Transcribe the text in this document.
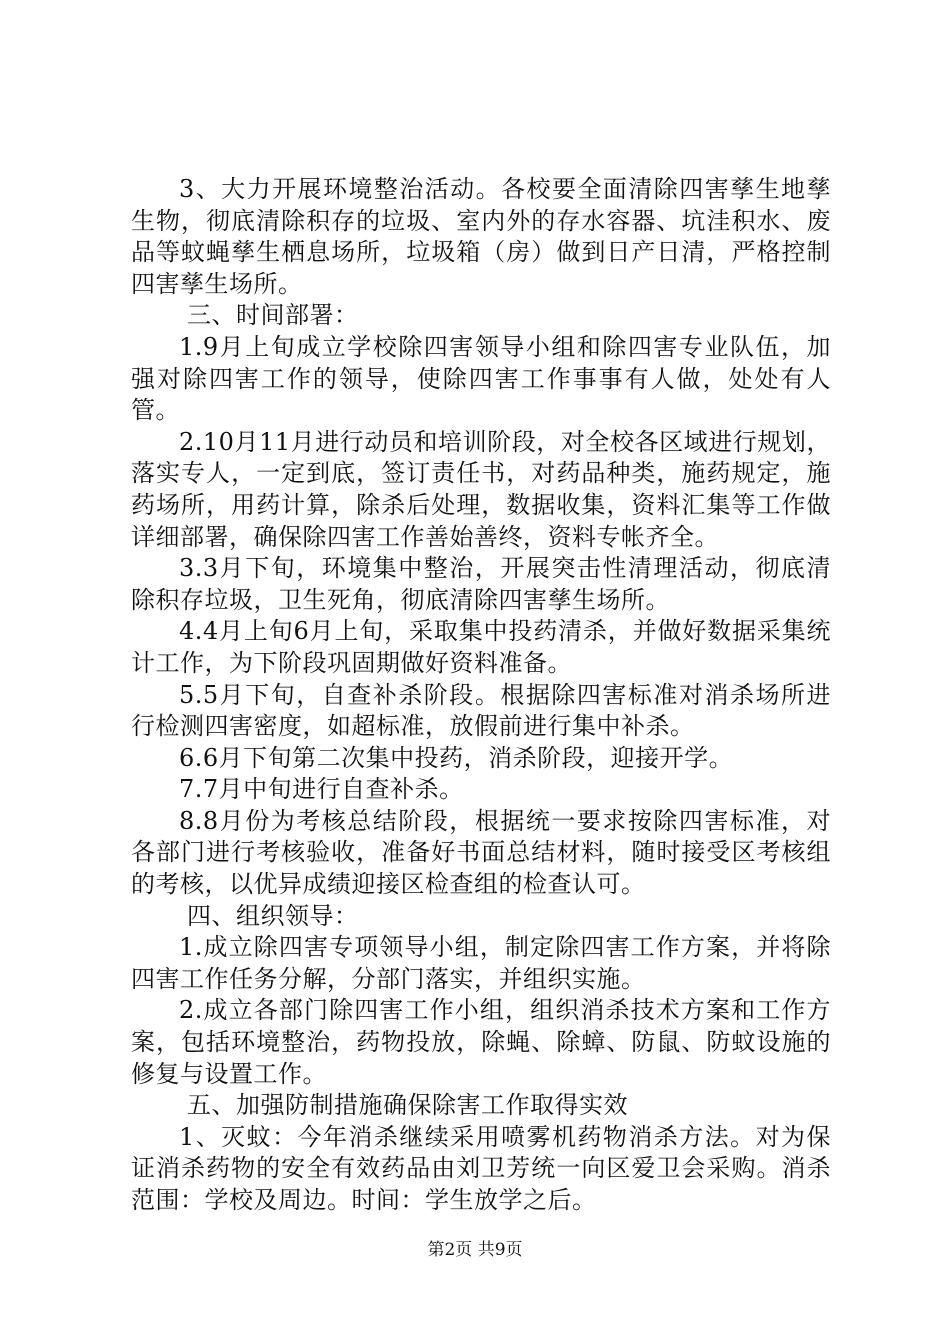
3、大力开展环境整治活动。各校要全面清除四害孳生地孳生物，彻底清除积存的垃圾、室内外的存水容器、坑洼积水、废品等蚊蝇孳生栖息场所，垃圾箱（房）做到日产日清，严格控制四害孳生场所。

三、时间部署：

1.9月上旬成立学校除四害领导小组和除四害专业队伍，加强对除四害工作的领导，使除四害工作事事有人做，处处有人管。

2.10月11月进行动员和培训阶段，对全校各区域进行规划，落实专人，一定到底，签订责任书，对药品种类，施药规定，施药场所，用药计算，除杀后处理，数据收集，资料汇集等工作做详细部署，确保除四害工作善始善终，资料专帐齐全。

3.3月下旬，环境集中整治，开展突击性清理活动，彻底清除积存垃圾，卫生死角，彻底清除四害孳生场所。

4.4月上旬6月上旬，采取集中投药清杀，并做好数据采集统计工作，为下阶段巩固期做好资料准备。

5.5月下旬，自查补杀阶段。根据除四害标准对消杀场所进行检测四害密度，如超标准，放假前进行集中补杀。

6.6月下旬第二次集中投药，消杀阶段，迎接开学。

7.7月中旬进行自查补杀。

8.8月份为考核总结阶段，根据统一要求按除四害标准，对各部门进行考核验收，准备好书面总结材料，随时接受区考核组的考核，以优异成绩迎接区检查组的检查认可。

四、组织领导：

1.成立除四害专项领导小组，制定除四害工作方案，并将除四害工作任务分解，分部门落实，并组织实施。

2.成立各部门除四害工作小组，组织消杀技术方案和工作方案，包括环境整治，药物投放，除蝇、除蟑、防鼠、防蚊设施的修复与设置工作。

五、加强防制措施确保除害工作取得实效

1、灭蚊：今年消杀继续采用喷雾机药物消杀方法。对为保证消杀药物的安全有效药品由刘卫芳统一向区爱卫会采购。消杀范围：学校及周边。时间：学生放学之后。

第2页 共9页
